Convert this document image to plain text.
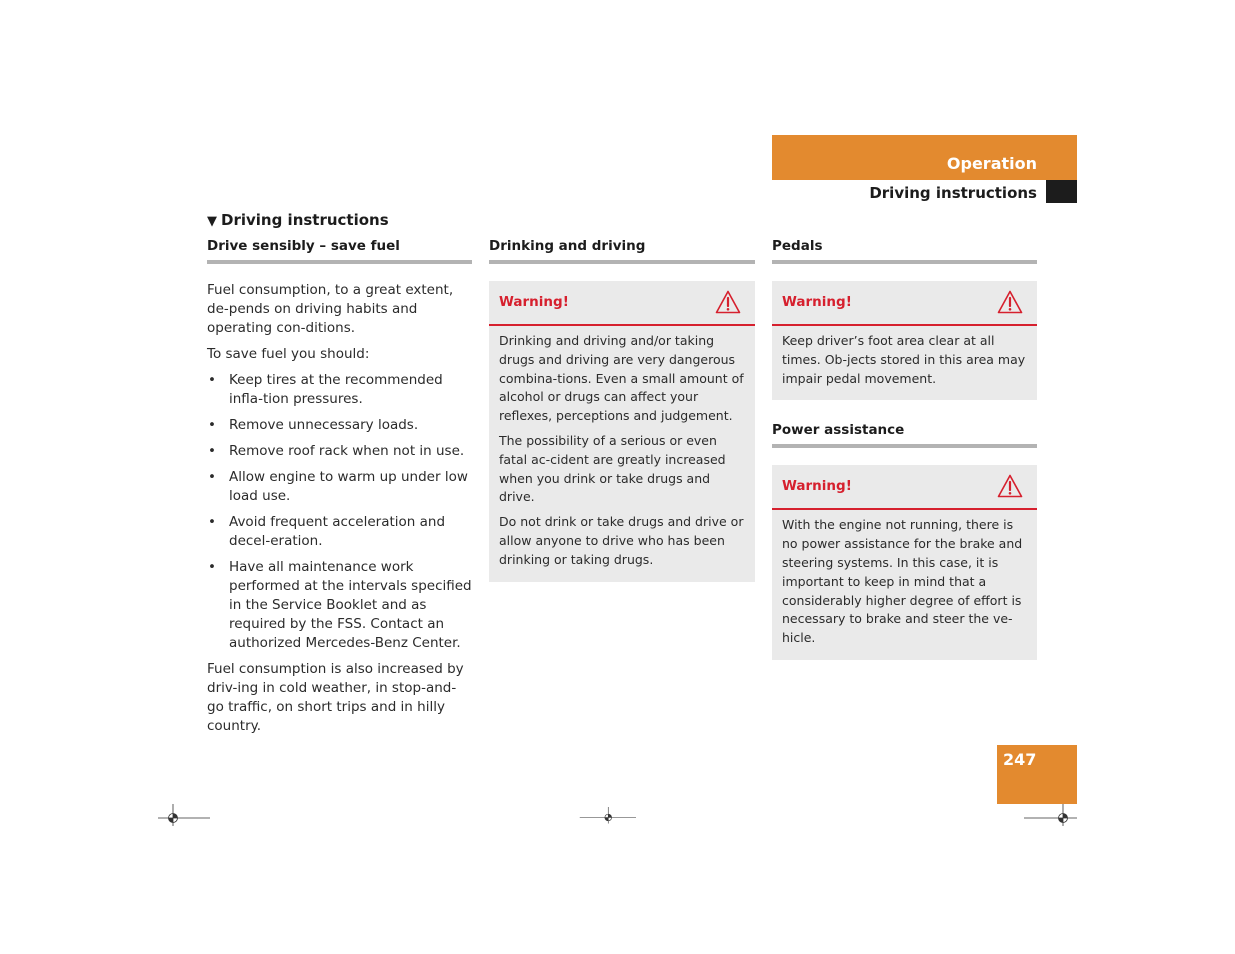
Operation
Driving instructions
▼ Driving instructions
Drive sensibly – save fuel

Fuel consumption, to a great extent, de-pends on driving habits and operating con-ditions.

To save fuel you should:

• Keep tires at the recommended infla-tion pressures.
• Remove unnecessary loads.
• Remove roof rack when not in use.
• Allow engine to warm up under low load use.
• Avoid frequent acceleration and decel-eration.
• Have all maintenance work performed at the intervals specified in the Service Booklet and as required by the FSS. Contact an authorized Mercedes-Benz Center.

Fuel consumption is also increased by driv-ing in cold weather, in stop-and-go traffic, on short trips and in hilly country.

Drinking and driving
Warning!

Drinking and driving and/or taking drugs and driving are very dangerous combina-tions. Even a small amount of alcohol or drugs can affect your reflexes, perceptions and judgement.

The possibility of a serious or even fatal ac-cident are greatly increased when you drink or take drugs and drive.

Do not drink or take drugs and drive or allow anyone to drive who has been drinking or taking drugs.

Pedals
Warning!

Keep driver’s foot area clear at all times. Ob-jects stored in this area may impair pedal movement.

Power assistance
Warning!

With the engine not running, there is no power assistance for the brake and steering systems. In this case, it is important to keep in mind that a considerably higher degree of effort is necessary to brake and steer the ve-hicle.

247
